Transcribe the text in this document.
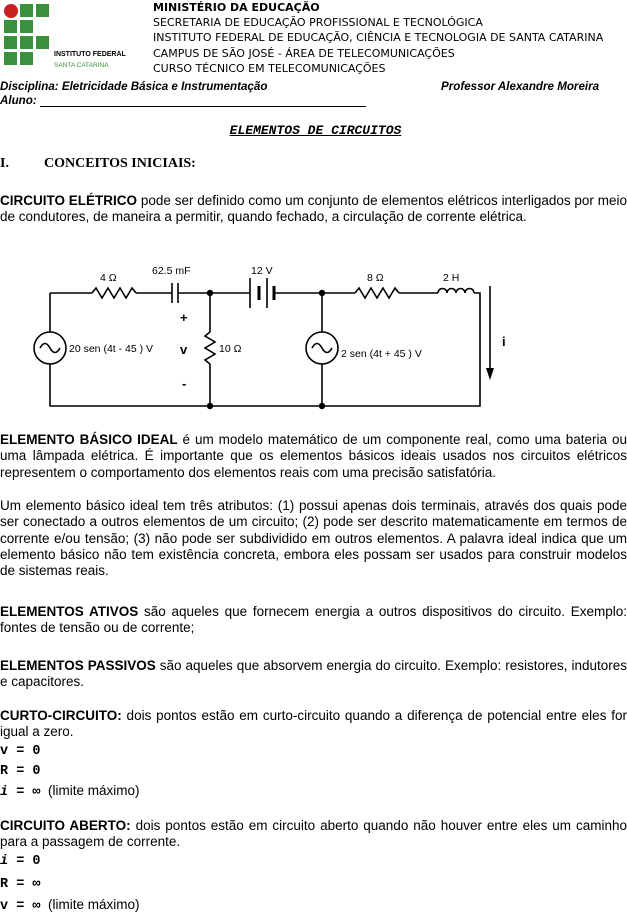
INSTITUTO FEDERAL
SANTA CATARINA
MINISTÉRIO DA EDUCAÇÃO
SECRETARIA DE EDUCAÇÃO PROFISSIONAL E TECNOLÓGICA
INSTITUTO FEDERAL DE EDUCAÇÃO, CIÊNCIA E TECNOLOGIA DE SANTA CATARINA
CAMPUS DE SÃO JOSÉ - ÁREA DE TELECOMUNICAÇÕES
CURSO TÉCNICO EM TELECOMUNICAÇÕES
Disciplina: Eletricidade Básica e Instrumentação	Professor Alexandre Moreira
Aluno:
ELEMENTOS DE CIRCUITOS
I.	CONCEITOS INICIAIS:
CIRCUITO ELÉTRICO pode ser definido como um conjunto de elementos elétricos interligados por meio de condutores, de maneira a permitir, quando fechado, a circulação de corrente elétrica.
4 Ω
62.5 mF	12 V
8 Ω	2 H
20 sen (4t - 45 ) V	10 Ω	2 sen (4t + 45 ) V
+
v
-
i
ELEMENTO BÁSICO IDEAL é um modelo matemático de um componente real, como uma bateria ou uma lâmpada elétrica. É importante que os elementos básicos ideais usados nos circuitos elétricos representem o comportamento dos elementos reais com uma precisão satisfatória.
Um elemento básico ideal tem três atributos: (1) possui apenas dois terminais, através dos quais pode ser conectado a outros elementos de um circuito; (2) pode ser descrito matematicamente em termos de corrente e/ou tensão; (3) não pode ser subdividido em outros elementos. A palavra ideal indica que um elemento básico não tem existência concreta, embora eles possam ser usados para construir modelos de sistemas reais.
ELEMENTOS ATIVOS são aqueles que fornecem energia a outros dispositivos do circuito. Exemplo: fontes de tensão ou de corrente;
ELEMENTOS PASSIVOS são aqueles que absorvem energia do circuito. Exemplo: resistores, indutores e capacitores.
CURTO-CIRCUITO: dois pontos estão em curto-circuito quando a diferença de potencial entre eles for igual a zero.
v = 0
R = 0
i = ∞ (limite máximo)
CIRCUITO ABERTO: dois pontos estão em circuito aberto quando não houver entre eles um caminho para a passagem de corrente.
i = 0
R = ∞
v = ∞ (limite máximo)
